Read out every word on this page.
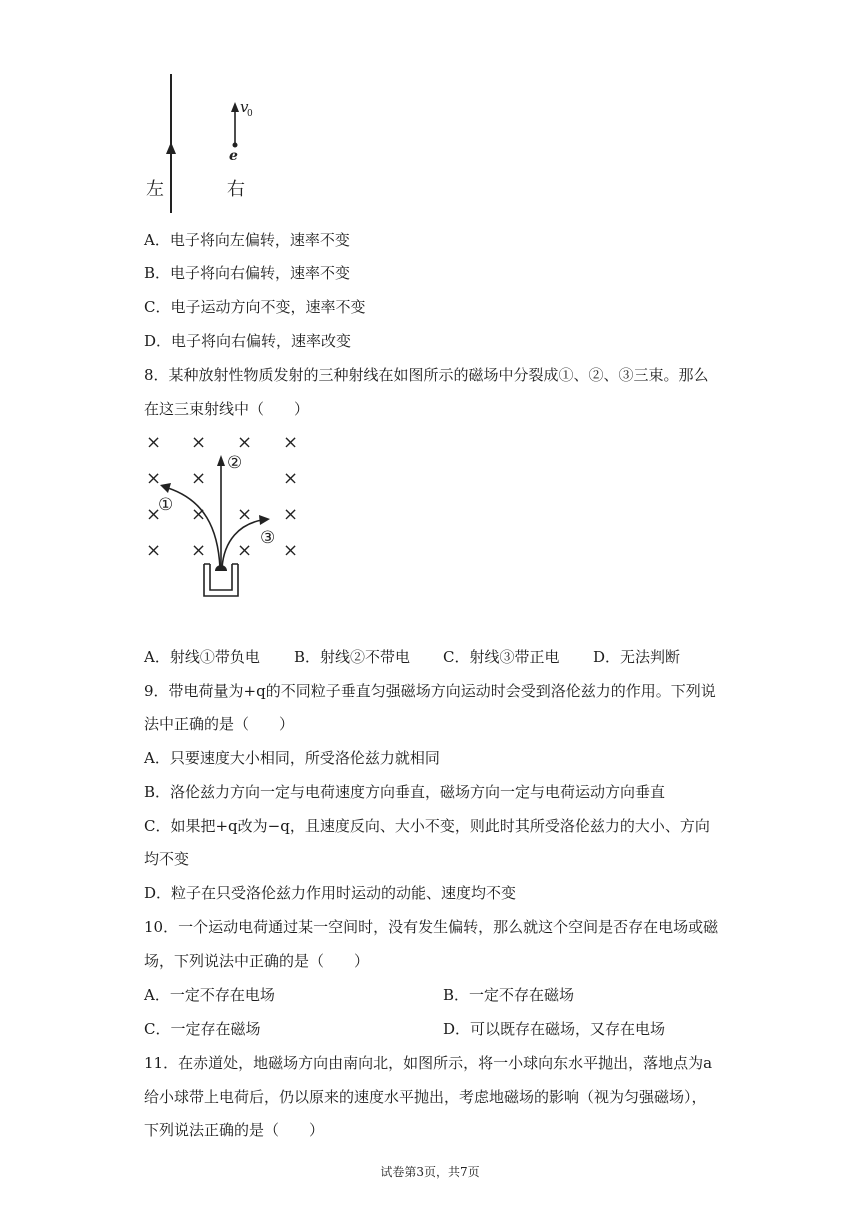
v
0
e
左	右
A．电子将向左偏转，速率不变
B．电子将向右偏转，速率不变
C．电子运动方向不变，速率不变
D．电子将向右偏转，速率改变
8．某种放射性物质发射的三种射线在如图所示的磁场中分裂成①、②、③三束。那么
在这三束射线中（　　）
× × × ×
× ×	×
× × × ×
× × × ×
①
②
③
A．射线①带负电 B．射线②不带电 C．射线③带正电 D．无法判断
9．带电荷量为+q的不同粒子垂直匀强磁场方向运动时会受到洛伦兹力的作用。下列说
法中正确的是（　　）
A．只要速度大小相同，所受洛伦兹力就相同
B．洛伦兹力方向一定与电荷速度方向垂直，磁场方向一定与电荷运动方向垂直
C．如果把+q改为−q，且速度反向、大小不变，则此时其所受洛伦兹力的大小、方向
均不变
D．粒子在只受洛伦兹力作用时运动的动能、速度均不变
10．一个运动电荷通过某一空间时，没有发生偏转，那么就这个空间是否存在电场或磁
场，下列说法中正确的是（　　）
A．一定不存在电场	B．一定不存在磁场
C．一定存在磁场	D．可以既存在磁场，又存在电场
11．在赤道处，地磁场方向由南向北，如图所示，将一小球向东水平抛出，落地点为a
给小球带上电荷后，仍以原来的速度水平抛出，考虑地磁场的影响（视为匀强磁场），
下列说法正确的是（　　）
试卷第3页，共7页
